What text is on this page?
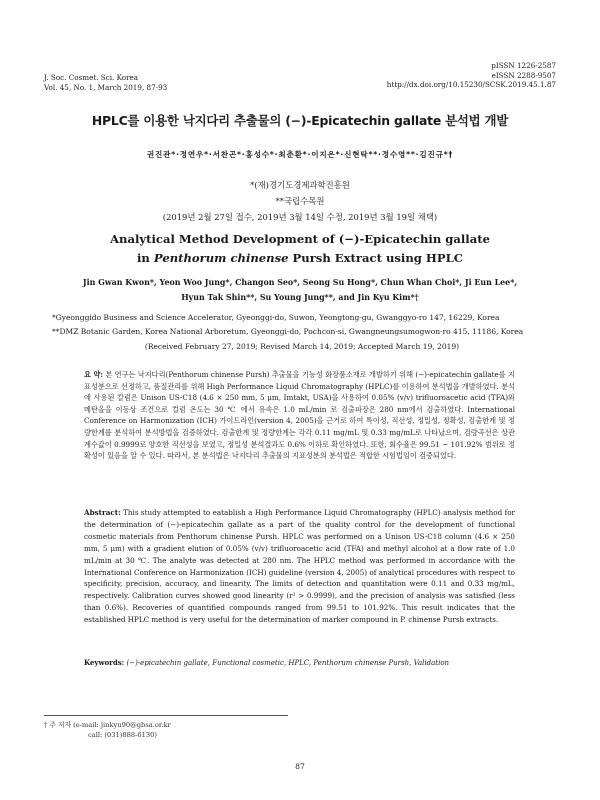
J. Soc. Cosmet. Sci. Korea
Vol. 45, No. 1, March 2019, 87-93
pISSN 1226-2587
eISSN 2288-9507
http://dx.doi.org/10.15230/SCSK.2019.45.1.87
HPLC를 이용한 낙지다리 추출물의 (−)-Epicatechin gallate 분석법 개발
권진관*·정연우*·서찬곤*·홍성수*·최춘환*·이지은*·신현탁**·정수영**·김진규*†
*(재)경기도경제과학진흥원
**국립수목원
(2019년 2월 27일 접수, 2019년 3월 14일 수정, 2019년 3월 19일 채택)
Analytical Method Development of (−)-Epicatechin gallate
in Penthorum chinense Pursh Extract using HPLC
Jin Gwan Kwon*, Yeon Woo Jung*, Changon Seo*, Seong Su Hong*, Chun Whan Choi*, Ji Eun Lee*,
Hyun Tak Shin**, Su Young Jung**, and Jin Kyu Kim*†
*Gyeonggido Business and Science Accelerator, Gyeonggi-do, Suwon, Yeongtong-gu, Gwanggyo-ro 147, 16229, Korea
**DMZ Botanic Garden, Korea National Arboretum, Gyeonggi-do, Pochcon-si, Gwangneungsumogwon-ro 415, 11186, Korea
(Received February 27, 2019; Revised March 14, 2019; Accepted March 19, 2019)
요 약: 본 연구는 낙지다리(Penthorum chinense Pursh) 추출물을 기능성 화장품소재로 개발하기 위해 (−)-epicatechin gallate를 지표성분으로 선정하고, 품질관리를 위해 High Performance Liquid Chromatography (HPLC)를 이용하여 분석법을 개발하였다. 분석에 사용된 칼럼은 Unison US-C18 (4.6 × 250 mm, 5 μm, Imtakt, USA)을 사용하여 0.05% (v/v) trifluoroacetic acid (TFA)와 메탄올을 이동상 조건으로 컬럼 온도는 30 ℃ 에서 유속은 1.0 mL/min 로 검출파장은 280 nm에서 검출하였다. International Conference on Harmonization (ICH) 가이드라인(version 4, 2005)을 근거로 하여 특이성, 직선성, 정밀성, 정확성, 검출한계 및 정량한계를 분석하여 분석방법을 검증하였다. 검출한계 및 정량한계는 각각 0.11 mg/mL 및 0.33 mg/mL로 나타났으며, 검량곡선은 상관계수값이 0.9999로 양호한 직선성을 보였고, 정밀성 분석결과도 0.6% 이하로 확인하였다. 또한, 회수율은 99.51 ~ 101.92% 범위로 정확성이 있음을 알 수 있다. 따라서, 본 분석법은 낙지다리 추출물의 지표성분의 분석법은 적합한 시험법임이 검증되었다.
Abstract: This study attempted to eatablish a High Performance Liquid Chromatography (HPLC) analysis method for the determination of (−)-epicatechin gallate as a part of the quality control for the development of functional cosmetic materials from Penthorum chinense Pursh. HPLC was performed on a Unison US-C18 column (4.6 × 250 mm, 5 μm) with a gradient elution of 0.05% (v/v) trifluoroacetic acid (TFA) and methyl alcohol at a flow rate of 1.0 mL/min at 30 ℃. The analyte was detected at 280 nm. The HPLC method was performed in accordance with the International Conference on Harmonization (ICH) guideline (version 4, 2005) of analytical procedures with respect to specificity, precision, accuracy, and linearity. The limits of detection and quantitation were 0.11 and 0.33 mg/mL, respectively. Calibration curves showed good linearity (r² > 0.9999), and the precision of analysis was satisfied (less than 0.6%). Recoveries of quantified compounds ranged from 99.51 to 101.92%. This result indicates that the established HPLC method is very useful for the determination of marker compound in P. chinense Pursh extracts.
Keywords: (−)-epicatechin gallate, Functional cosmetic, HPLC, Penthorum chinense Pursh, Validation
† 주 저자 (e-mail: jinkyu90@gbsa.or.kr
call: (031)888-6130)
87
